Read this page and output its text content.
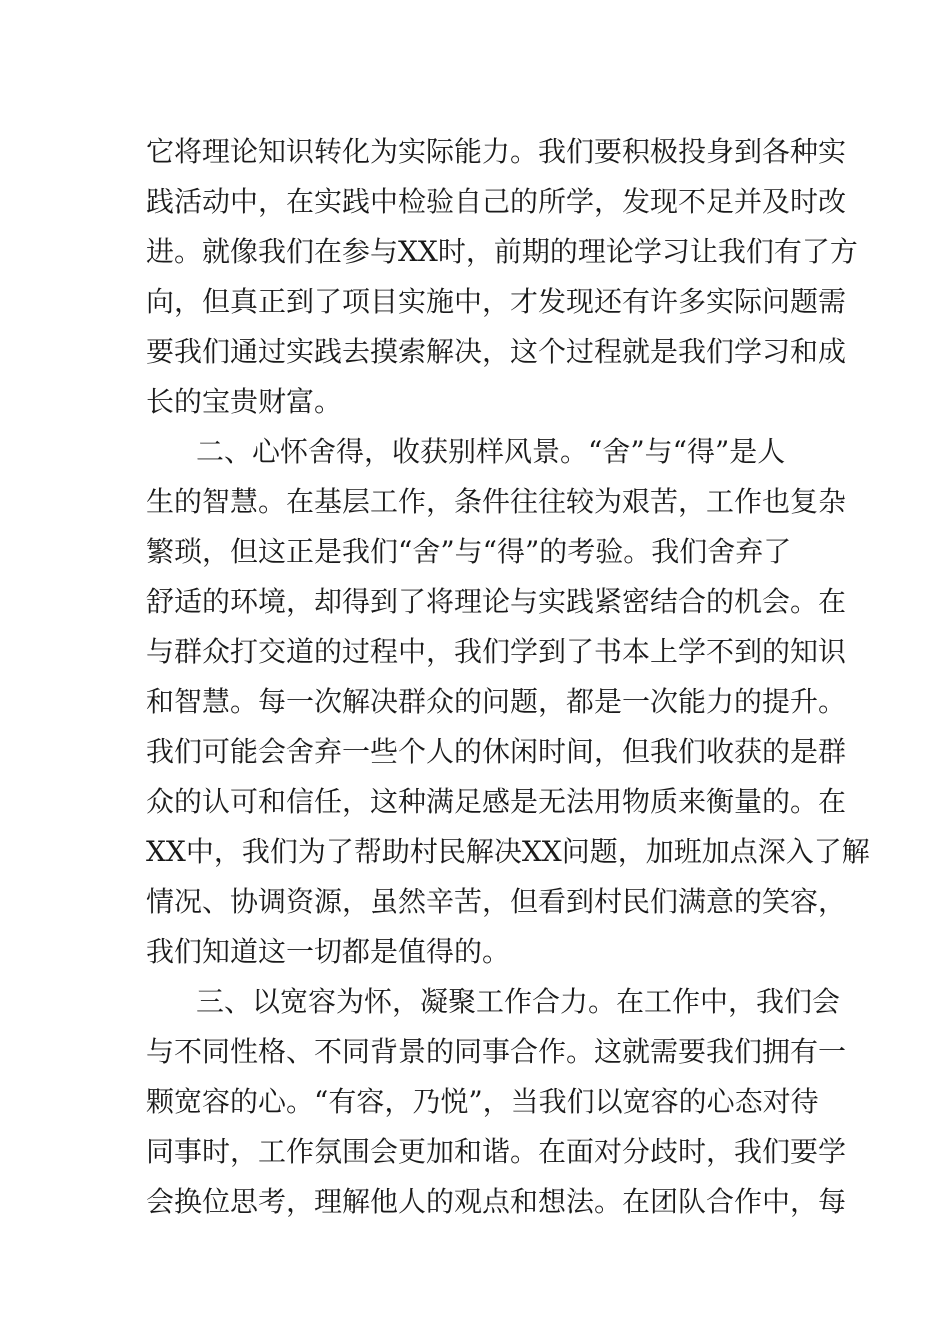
它将理论知识转化为实际能力。我们要积极投身到各种实
践活动中，在实践中检验自己的所学，发现不足并及时改
进。就像我们在参与XX时，前期的理论学习让我们有了方
向，但真正到了项目实施中，才发现还有许多实际问题需
要我们通过实践去摸索解决，这个过程就是我们学习和成
长的宝贵财富。
二、心怀舍得，收获别样风景。“舍”与“得”是人
生的智慧。在基层工作，条件往往较为艰苦，工作也复杂
繁琐，但这正是我们“舍”与“得”的考验。我们舍弃了
舒适的环境，却得到了将理论与实践紧密结合的机会。在
与群众打交道的过程中，我们学到了书本上学不到的知识
和智慧。每一次解决群众的问题，都是一次能力的提升。
我们可能会舍弃一些个人的休闲时间，但我们收获的是群
众的认可和信任，这种满足感是无法用物质来衡量的。在
XX中，我们为了帮助村民解决XX问题，加班加点深入了解
情况、协调资源，虽然辛苦，但看到村民们满意的笑容，
我们知道这一切都是值得的。
三、以宽容为怀，凝聚工作合力。在工作中，我们会
与不同性格、不同背景的同事合作。这就需要我们拥有一
颗宽容的心。“有容，乃悦”，当我们以宽容的心态对待
同事时，工作氛围会更加和谐。在面对分歧时，我们要学
会换位思考，理解他人的观点和想法。在团队合作中，每
